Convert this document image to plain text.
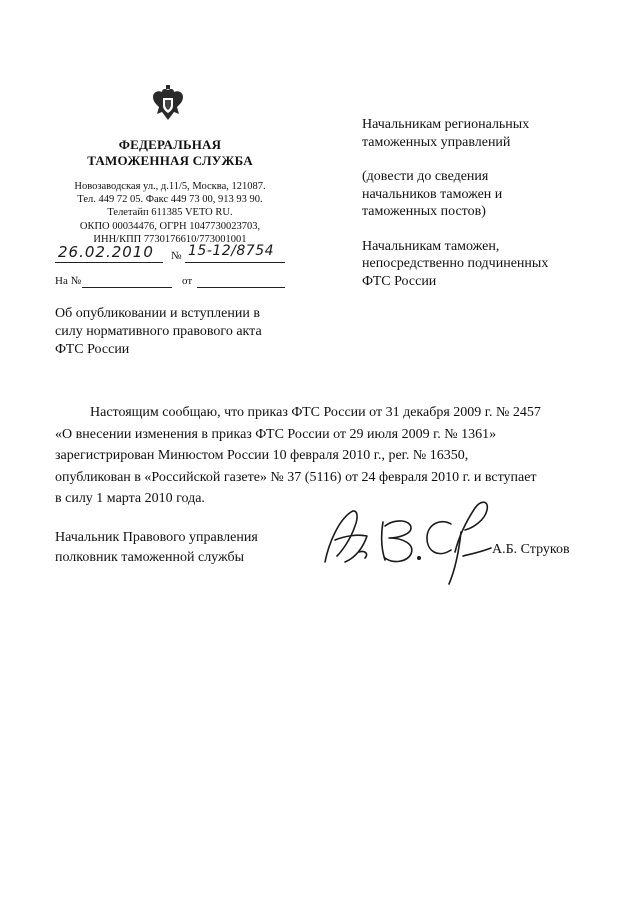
ФЕДЕРАЛЬНАЯ
ТАМОЖЕННАЯ СЛУЖБА
Новозаводская ул., д.11/5, Москва, 121087.
Тел. 449 72 05. Факс 449 73 00, 913 93 90.
Телетайп 611385 VETO RU.
ОКПО 00034476, ОГРН 1047730023703,
ИНН/КПП 7730176610/773001001
26.02.2010	№ 15-12/8754
На №	от
Об опубликовании и вступлении в
силу нормативного правового акта
ФТС России
Начальникам региональных
таможенных управлений
(довести до сведения
начальников таможен и
таможенных постов)
Начальникам таможен,
непосредственно подчиненных
ФТС России
Настоящим сообщаю, что приказ ФТС России от 31 декабря 2009 г. № 2457
«О внесении изменения в приказ ФТС России от 29 июля 2009 г. № 1361»
зарегистрирован Минюстом России 10 февраля 2010 г., рег. № 16350,
опубликован в «Российской газете» № 37 (5116) от 24 февраля 2010 г. и вступает
в силу 1 марта 2010 года.
Начальник Правового управления
полковник таможенной службы
А.Б. Струков
